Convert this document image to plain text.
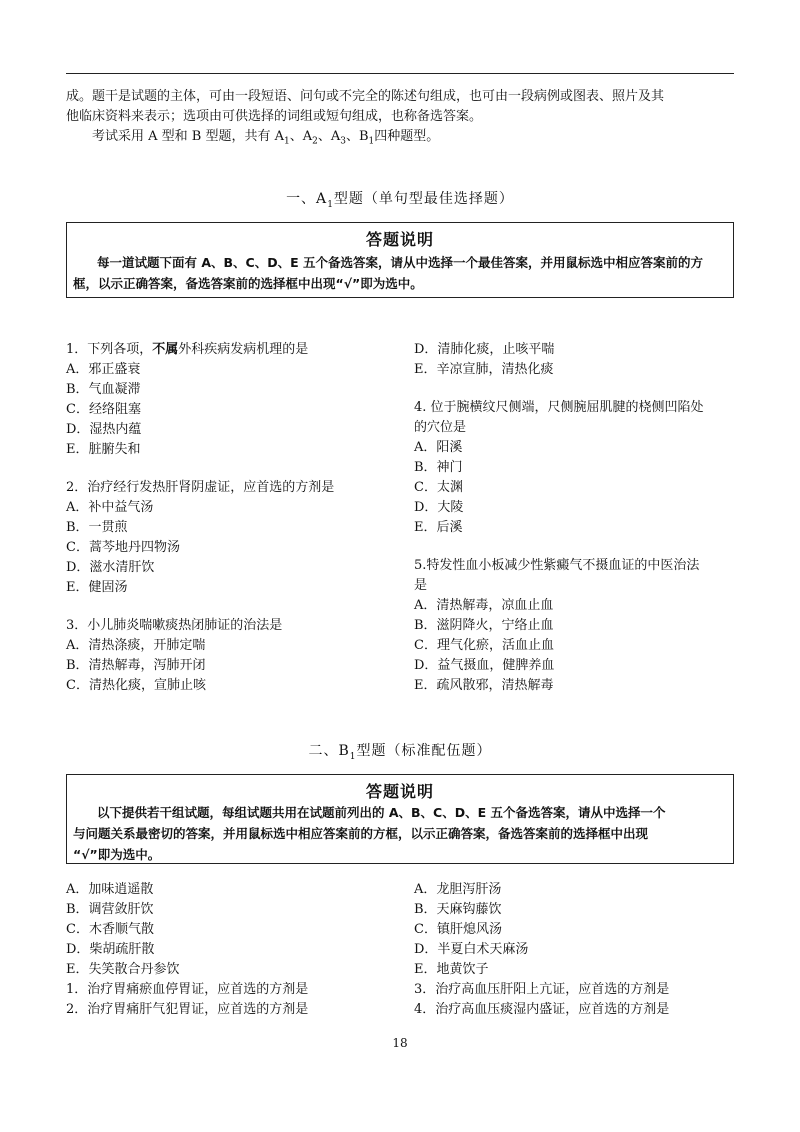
成。题干是试题的主体，可由一段短语、问句或不完全的陈述句组成，也可由一段病例或图表、照片及其

他临床资料来表示；选项由可供选择的词组或短句组成，也称备选答案。

考试采用 A 型和 B 型题，共有 $A_1$、$A_2$、$A_3$、$B_1$四种题型。

一、$A_1$型题（单句型最佳选择题）
答题说明
每一道试题下面有 A、B、C、D、E 五个备选答案，请从中选择一个最佳答案，并用鼠标选中相应答案前的方框，以示正确答案，备选答案前的选择框中出现“√”即为选中。
1．下列各项，不属外科疾病发病机理的是
A．邪正盛衰
B．气血凝滞
C．经络阻塞
D．湿热内蕴
E．脏腑失和
2．治疗经行发热肝肾阴虚证，应首选的方剂是
A．补中益气汤
B．一贯煎
C．蒿芩地丹四物汤
D．滋水清肝饮
E．健固汤
3．小儿肺炎喘嗽痰热闭肺证的治法是
A．清热涤痰，开肺定喘
B．清热解毒，泻肺开闭
C．清热化痰，宣肺止咳
D．清肺化痰，止咳平喘
E．辛凉宣肺，清热化痰
4. 位于腕横纹尺侧端，尺侧腕屈肌腱的桡侧凹陷处
的穴位是
A．阳溪
B．神门
C．太渊
D．大陵
E．后溪
5.特发性血小板减少性紫癜气不摄血证的中医治法
是
A．清热解毒，凉血止血
B．滋阴降火，宁络止血
C．理气化瘀，活血止血
D．益气摄血，健脾养血
E．疏风散邪，清热解毒
二、$B_1$型题（标准配伍题）
答题说明
以下提供若干组试题，每组试题共用在试题前列出的 A、B、C、D、E 五个备选答案，请从中选择一个
与问题关系最密切的答案，并用鼠标选中相应答案前的方框，以示正确答案，备选答案前的选择框中出现
“√”即为选中。
A．加味逍遥散
B．调营敛肝饮
C．木香顺气散
D．柴胡疏肝散
E．失笑散合丹参饮
1．治疗胃痛瘀血停胃证，应首选的方剂是
2．治疗胃痛肝气犯胃证，应首选的方剂是
A．龙胆泻肝汤
B．天麻钩藤饮
C．镇肝熄风汤
D．半夏白术天麻汤
E．地黄饮子
3．治疗高血压肝阳上亢证，应首选的方剂是
4．治疗高血压痰湿内盛证，应首选的方剂是
18
